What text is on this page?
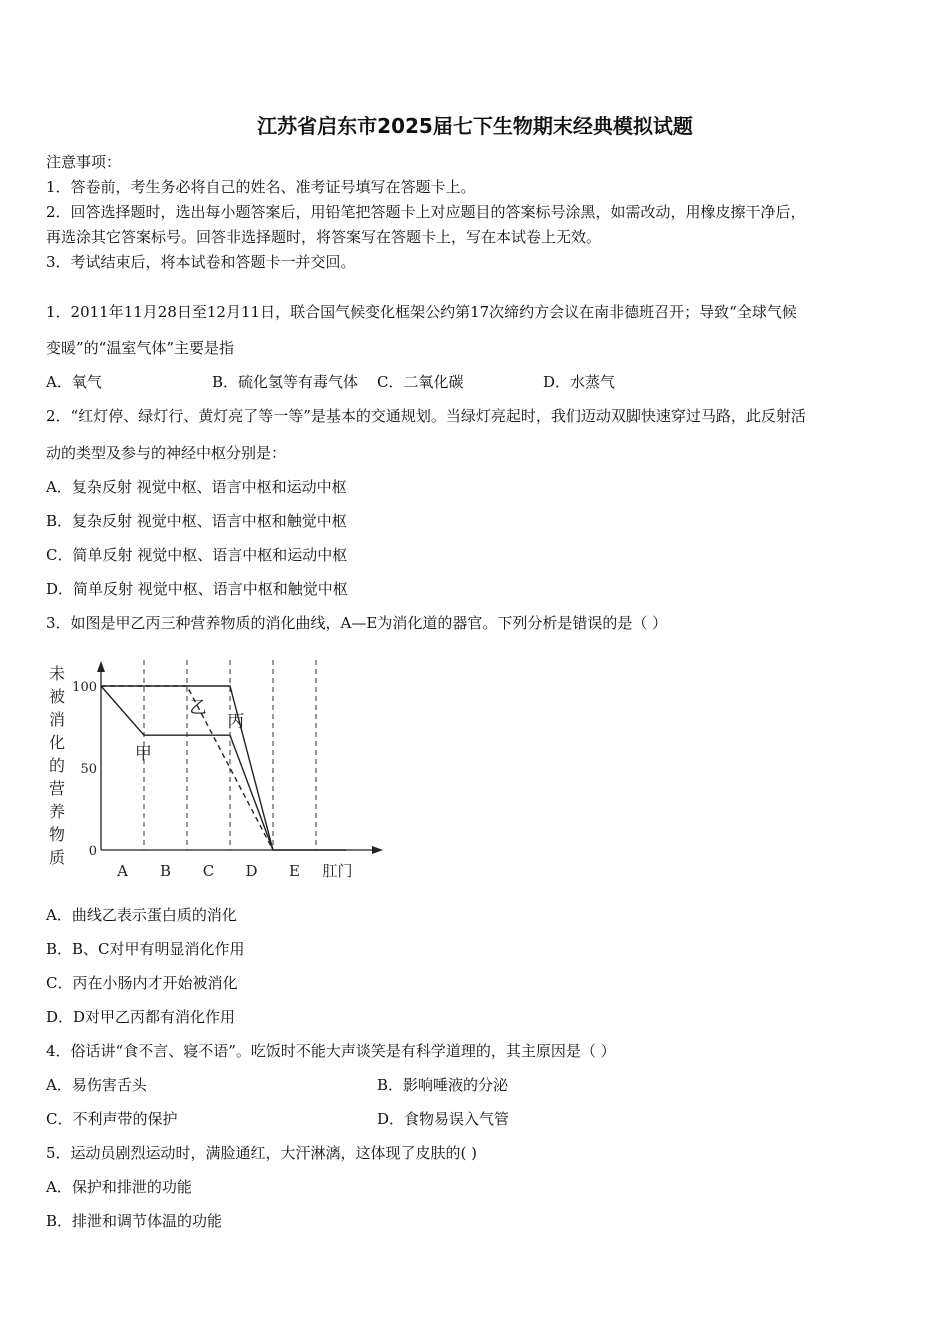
江苏省启东市2025届七下生物期末经典模拟试题
注意事项：
1．答卷前，考生务必将自己的姓名、准考证号填写在答题卡上。
2．回答选择题时，选出每小题答案后，用铅笔把答题卡上对应题目的答案标号涂黑，如需改动，用橡皮擦干净后，
再选涂其它答案标号。回答非选择题时，将答案写在答题卡上，写在本试卷上无效。
3．考试结束后，将本试卷和答题卡一并交回。
1．2011年11月28日至12月11日，联合国气候变化框架公约第17次缔约方会议在南非德班召开；导致“全球气候
变暖”的“温室气体”主要是指
A．氧气	B．硫化氢等有毒气体 C．二氧化碳	D．水蒸气
2．“红灯停、绿灯行、黄灯亮了等一等”是基本的交通规划。当绿灯亮起时，我们迈动双脚快速穿过马路，此反射活
动的类型及参与的神经中枢分别是：
A．复杂反射 视觉中枢、语言中枢和运动中枢
B．复杂反射 视觉中枢、语言中枢和触觉中枢
C．简单反射 视觉中枢、语言中枢和运动中枢
D．简单反射 视觉中枢、语言中枢和触觉中枢
3．如图是甲乙丙三种营养物质的消化曲线，A—E为消化道的器官。下列分析是错误的是（ ）
未
被
消
化
的
营
养
物
质
100
50
0
A B C D E 肛门
甲
乙
丙
A．曲线乙表示蛋白质的消化
B．B、C对甲有明显消化作用
C．丙在小肠内才开始被消化
D．D对甲乙丙都有消化作用
4．俗话讲“食不言、寝不语”。吃饭时不能大声谈笑是有科学道理的，其主原因是（ ）
A．易伤害舌头	B．影响唾液的分泌
C．不利声带的保护	D．食物易误入气管
5．运动员剧烈运动时，满脸通红，大汗淋漓，这体现了皮肤的( )
A．保护和排泄的功能
B．排泄和调节体温的功能
